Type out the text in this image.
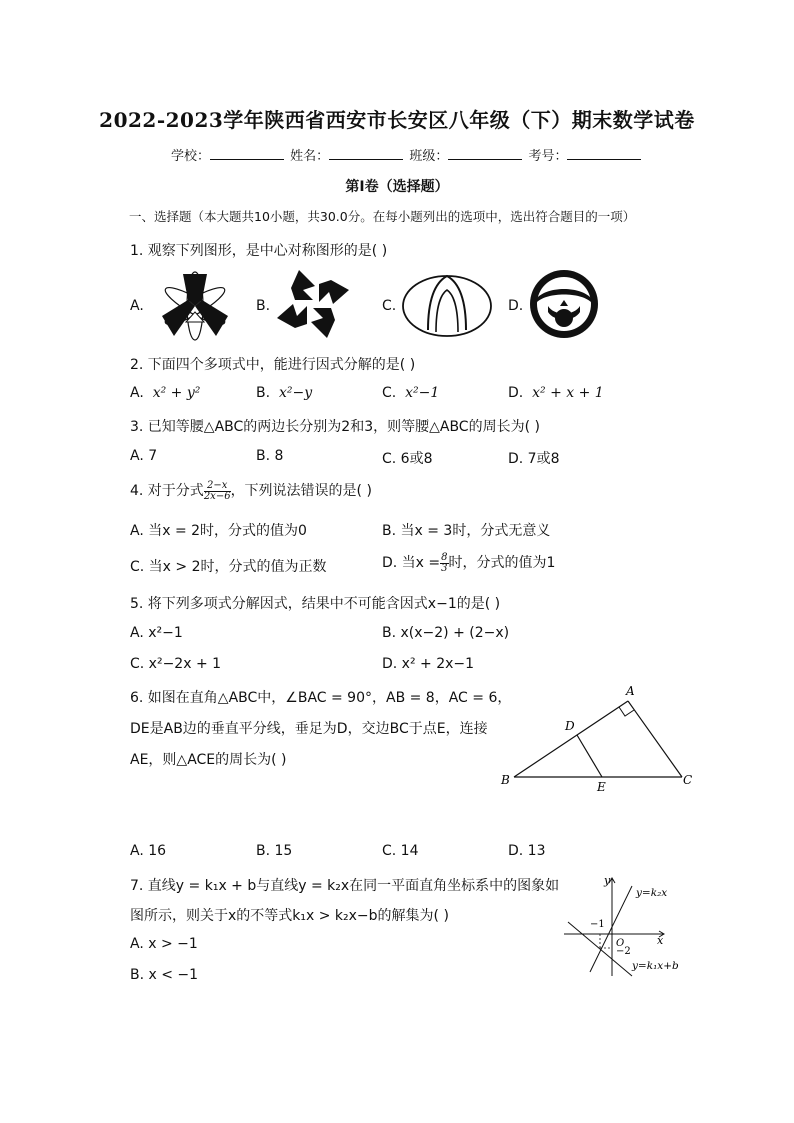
2022-2023学年陕西省西安市长安区八年级（下）期末数学试卷
学校：	姓名：	班级：	考号：
第Ⅰ卷（选择题）
一、选择题（本大题共10小题，共30.0分。在每小题列出的选项中，选出符合题目的一项）
1. 观察下列图形，是中心对称图形的是( )
A.	B.	C.	D.
2. 下面四个多项式中，能进行因式分解的是( )
A. x² + y²	B. x²−y	C. x²−1	D. x² + x + 1
3. 已知等腰△ABC的两边长分别为2和3，则等腰△ABC的周长为( )
A. 7	B. 8	C. 6或8	D. 7或8
4. 对于分式 $\frac{2-x}{2x-6}$ ，下列说法错误的是( )
A. 当x = 2时，分式的值为0	B. 当x = 3时，分式无意义
C. 当x > 2时，分式的值为正数	D. 当$x = \frac{8}{3}$ 时，分式的值为1
5. 将下列多项式分解因式，结果中不可能含因式x−1的是( )
A. x²−1	B. x(x−2) + (2−x)
C. x²−2x + 1	D. x² + 2x−1
6. 如图在直角△ABC中，∠BAC = 90°，AB = 8，AC = 6，
DE是AB边的垂直平分线，垂足为D，交边BC于点E，连接
AE，则△ACE的周长为( )
A
B	C
D
E
A. 16	B. 15	C. 14	D. 13
7. 直线y = k₁x + b与直线y = k₂x在同一平面直角坐标系中的图象如
图所示，则关于x的不等式k₁x > k₂x−b的解集为( )
A. x > −1
B. x < −1
y
x
O
−1
−2
y=k₂x
y=k₁x+b
